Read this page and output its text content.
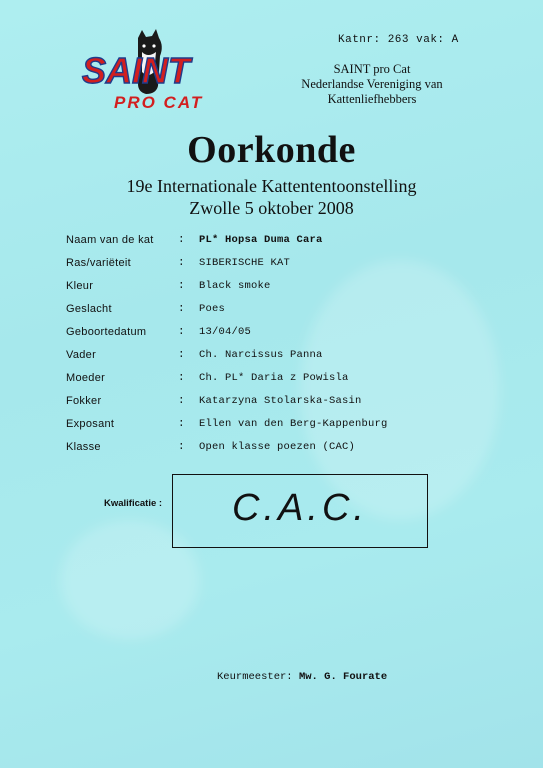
SAINT
PRO CAT
Katnr: 263 vak: A
SAINT pro Cat
Nederlandse Vereniging van
Kattenliefhebbers
Oorkonde
19e Internationale Kattententoonstelling
Zwolle 5 oktober 2008
Naam van de kat : PL* Hopsa Duma Cara
Ras/variëteit	: SIBERISCHE KAT
Kleur	: Black smoke
Geslacht	: Poes
Geboortedatum	: 13/04/05
Vader	: Ch. Narcissus Panna
Moeder	: Ch. PL* Daria z Powisla
Fokker	: Katarzyna Stolarska-Sasin
Exposant	: Ellen van den Berg-Kappenburg
Klasse	: Open klasse poezen (CAC)
Kwalificatie :	C.A.C.
Keurmeester: Mw. G. Fourate
